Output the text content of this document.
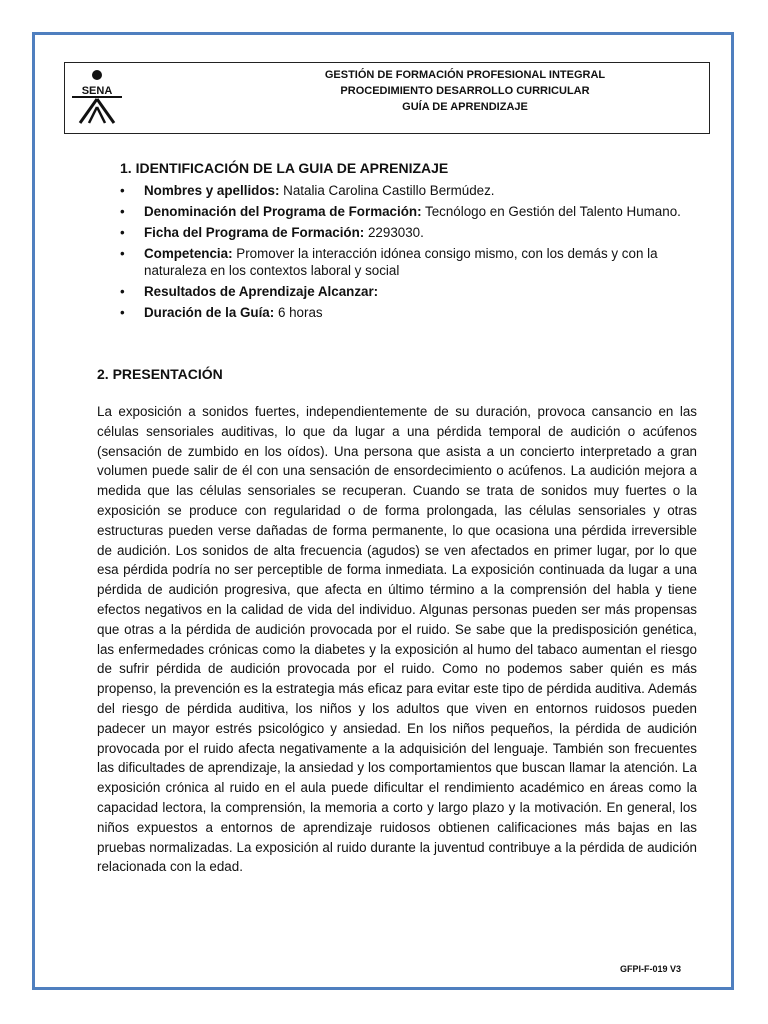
SENA
GESTIÓN DE FORMACIÓN PROFESIONAL INTEGRAL
PROCEDIMIENTO DESARROLLO CURRICULAR
GUÍA DE APRENDIZAJE
1. IDENTIFICACIÓN DE LA GUIA DE APRENIZAJE
• Nombres y apellidos: Natalia Carolina Castillo Bermúdez.
• Denominación del Programa de Formación: Tecnólogo en Gestión del Talento Humano.
• Ficha del Programa de Formación: 2293030.
• Competencia: Promover la interacción idónea consigo mismo, con los demás y con la naturaleza en los contextos laboral y social
• Resultados de Aprendizaje Alcanzar:
• Duración de la Guía: 6 horas
2. PRESENTACIÓN

La exposición a sonidos fuertes, independientemente de su duración, provoca cansancio en las células sensoriales auditivas, lo que da lugar a una pérdida temporal de audición o acúfenos (sensación de zumbido en los oídos). Una persona que asista a un concierto interpretado a gran volumen puede salir de él con una sensación de ensordecimiento o acúfenos. La audición mejora a medida que las células sensoriales se recuperan. Cuando se trata de sonidos muy fuertes o la exposición se produce con regularidad o de forma prolongada, las células sensoriales y otras estructuras pueden verse dañadas de forma permanente, lo que ocasiona una pérdida irreversible de audición. Los sonidos de alta frecuencia (agudos) se ven afectados en primer lugar, por lo que esa pérdida podría no ser perceptible de forma inmediata. La exposición continuada da lugar a una pérdida de audición progresiva, que afecta en último término a la comprensión del habla y tiene efectos negativos en la calidad de vida del individuo. Algunas personas pueden ser más propensas que otras a la pérdida de audición provocada por el ruido. Se sabe que la predisposición genética, las enfermedades crónicas como la diabetes y la exposición al humo del tabaco aumentan el riesgo de sufrir pérdida de audición provocada por el ruido. Como no podemos saber quién es más propenso, la prevención es la estrategia más eficaz para evitar este tipo de pérdida auditiva. Además del riesgo de pérdida auditiva, los niños y los adultos que viven en entornos ruidosos pueden padecer un mayor estrés psicológico y ansiedad. En los niños pequeños, la pérdida de audición provocada por el ruido afecta negativamente a la adquisición del lenguaje. También son frecuentes las dificultades de aprendizaje, la ansiedad y los comportamientos que buscan llamar la atención. La exposición crónica al ruido en el aula puede dificultar el rendimiento académico en áreas como la capacidad lectora, la comprensión, la memoria a corto y largo plazo y la motivación. En general, los niños expuestos a entornos de aprendizaje ruidosos obtienen calificaciones más bajas en las pruebas normalizadas. La exposición al ruido durante la juventud contribuye a la pérdida de audición relacionada con la edad.

GFPI-F-019 V3
